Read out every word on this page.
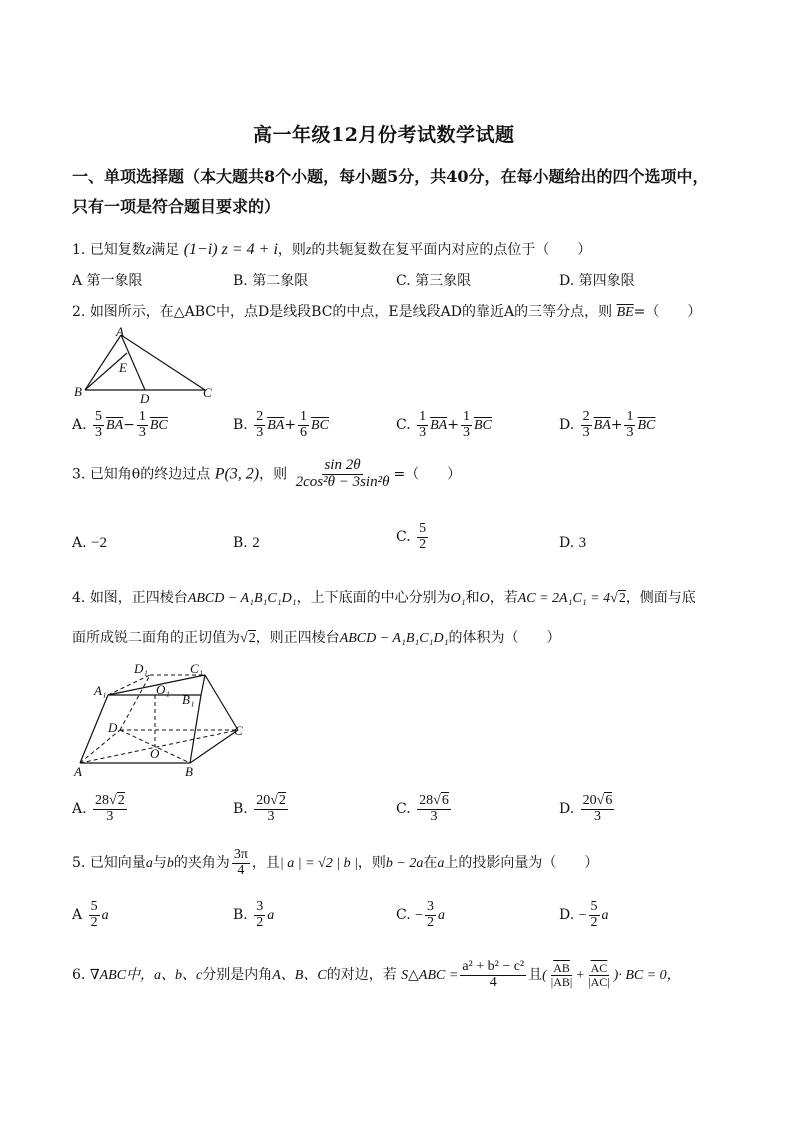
高一年级12月份考试数学试题
一、单项选择题（本大题共8个小题，每小题5分，共40分，在每小题给出的四个选项中，
只有一项是符合题目要求的）
1. 已知复数z满足 (1−i) z = 4 + i，则z的共轭复数在复平面内对应的点位于（　　）
A 第一象限	B. 第二象限	C. 第三象限	D. 第四象限
2. 如图所示，在△ABC中，点D是线段BC的中点，E是线段AD的靠近A的三等分点，则 $\overline{BE}=$（　　）
A
E
B	D	C
A. $\frac{5}{3} \overline{BA}- \frac{1}{3} \overline{BC}$	B. $\frac{2}{3} \overline{BA}+ \frac{1}{6} \overline{BC}$	C. $\frac{1}{3} \overline{BA}+ \frac{1}{3} \overline{BC}$	D. $\frac{2}{3} \overline{BA}+ \frac{1}{3} \overline{BC}$
3. 已知角θ的终边过点 P(3, 2)，则 $\frac{\sin 2\theta}{\text{2cos²θ − 3sin²θ}}$ =（　　）
A. −2	B. 2	C. $\frac{5}{2}$	D. 3
4. 如图，正四棱台ABCD − A₁B₁C₁D₁，上下底面的中心分别为O₁和O，若AC = 2A₁C₁ = 4√2，侧面与底
面所成锐二面角的正切值为√2，则正四棱台ABCD − A₁B₁C₁D₁的体积为（　　）
D₁	C₁
A₁	O₁
B₁
D	C
O
A	B
A. $\frac{28√2}{3}$	B. $\frac{20√2}{3}$	C. $\frac{28√6}{3}$	D. $\frac{20√6}{3}$
5. 已知向量a与b的夹角为 $\frac{3\pi}{4}$ ，且| a | = √2 | b |，则b − 2a在a上的投影向量为（　　）
A $\frac{5}{2}$ a	B. $\frac{3}{2}$ a	C. − $\frac{3}{2}$ a	D. − $\frac{5}{2}$ a
6. ∇ABC中，a、b、c分别是内角A、B、C的对边，若 S△ABC = $\frac{\text{a² + b² − c²}}{4}$ 且( $\frac{\overline{AB}}{|AB|} + \frac{\overline{AC}}{|AC|}$ )· BC = 0，
